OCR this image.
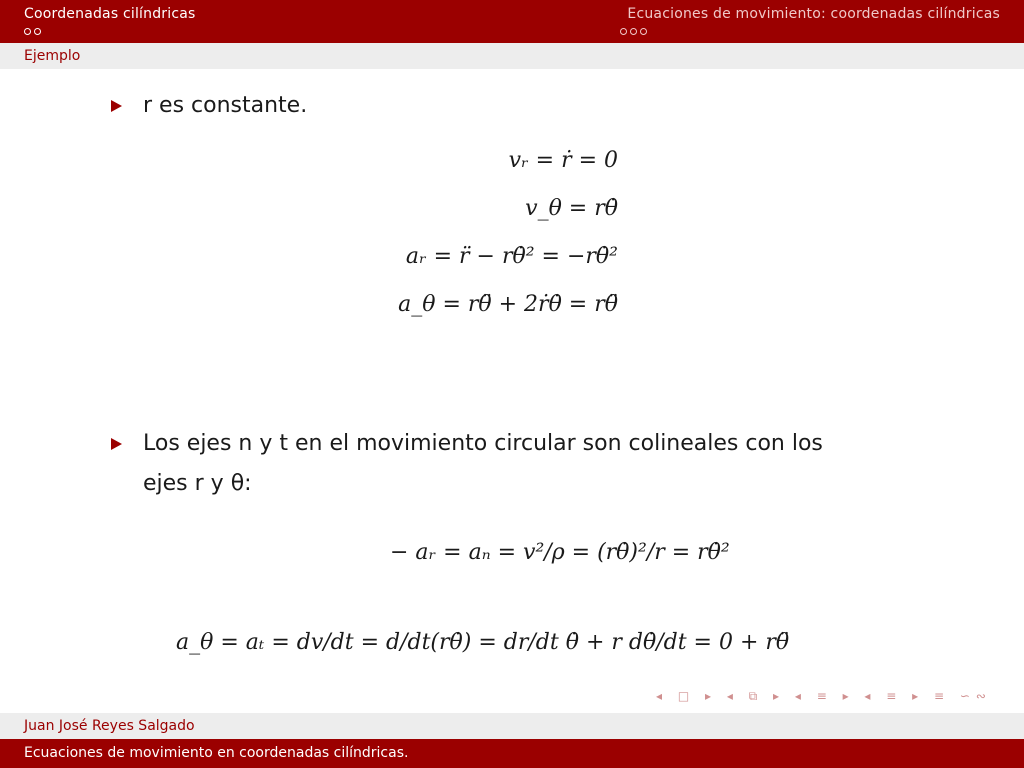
Coordenadas cilíndricas	Ecuaciones de movimiento: coordenadas cilíndricas
Ejemplo
r es constante.
vᵣ = ṙ = 0
v_θ = rθ̇
aᵣ = r̈ − rθ̇² = −rθ̇²
a_θ = rθ̈ + 2ṙθ̇ = rθ̈
Los ejes n y t en el movimiento circular son colineales con los
ejes r y θ:
− aᵣ = aₙ = v²/ρ = (rθ̇)²/r = rθ̇²
a_θ = aₜ = dv/dt = d/dt(rθ̇) = dr/dt θ̇ + r dθ̇/dt = 0 + rθ̈
◂ □ ▸ ◂ ⧉ ▸ ◂ ≡ ▸ ◂ ≡ ▸ ≡ ∽∾
Juan José Reyes Salgado
Ecuaciones de movimiento en coordenadas cilíndricas.
